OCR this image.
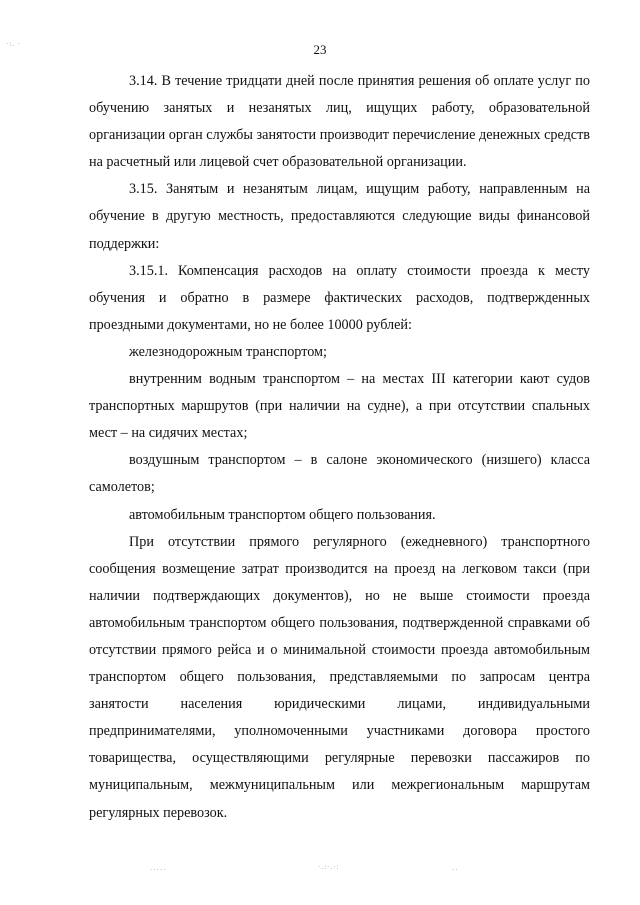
23

3.14. В течение тридцати дней после принятия решения об оплате услуг по обучению занятых и незанятых лиц, ищущих работу, образовательной организации орган службы занятости производит перечисление денежных средств на расчетный или лицевой счет образовательной организации.

3.15. Занятым и незанятым лицам, ищущим работу, направленным на обучение в другую местность, предоставляются следующие виды финансовой поддержки:

3.15.1. Компенсация расходов на оплату стоимости проезда к месту обучения и обратно в размере фактических расходов, подтвержденных проездными документами, но не более 10000 рублей:

железнодорожным транспортом;

внутренним водным транспортом – на местах III категории кают судов транспортных маршрутов (при наличии на судне), а при отсутствии спальных мест – на сидячих местах;

воздушным транспортом – в салоне экономического (низшего) класса самолетов;

автомобильным транспортом общего пользования.

При отсутствии прямого регулярного (ежедневного) транспортного сообщения возмещение затрат производится на проезд на легковом такси (при наличии подтверждающих документов), но не выше стоимости проезда автомобильным транспортом общего пользования, подтвержденной справками об отсутствии прямого рейса и о минимальной стоимости проезда автомобильным транспортом общего пользования, представляемыми по запросам центра занятости населения юридическими лицами, индивидуальными предпринимателями, уполномоченными участниками договора простого товарищества, осуществляющими регулярные перевозки пассажиров по муниципальным, межмуниципальным или межрегиональным маршрутам регулярных перевозок.

·:. ·
·····	·.:·.·:	··
